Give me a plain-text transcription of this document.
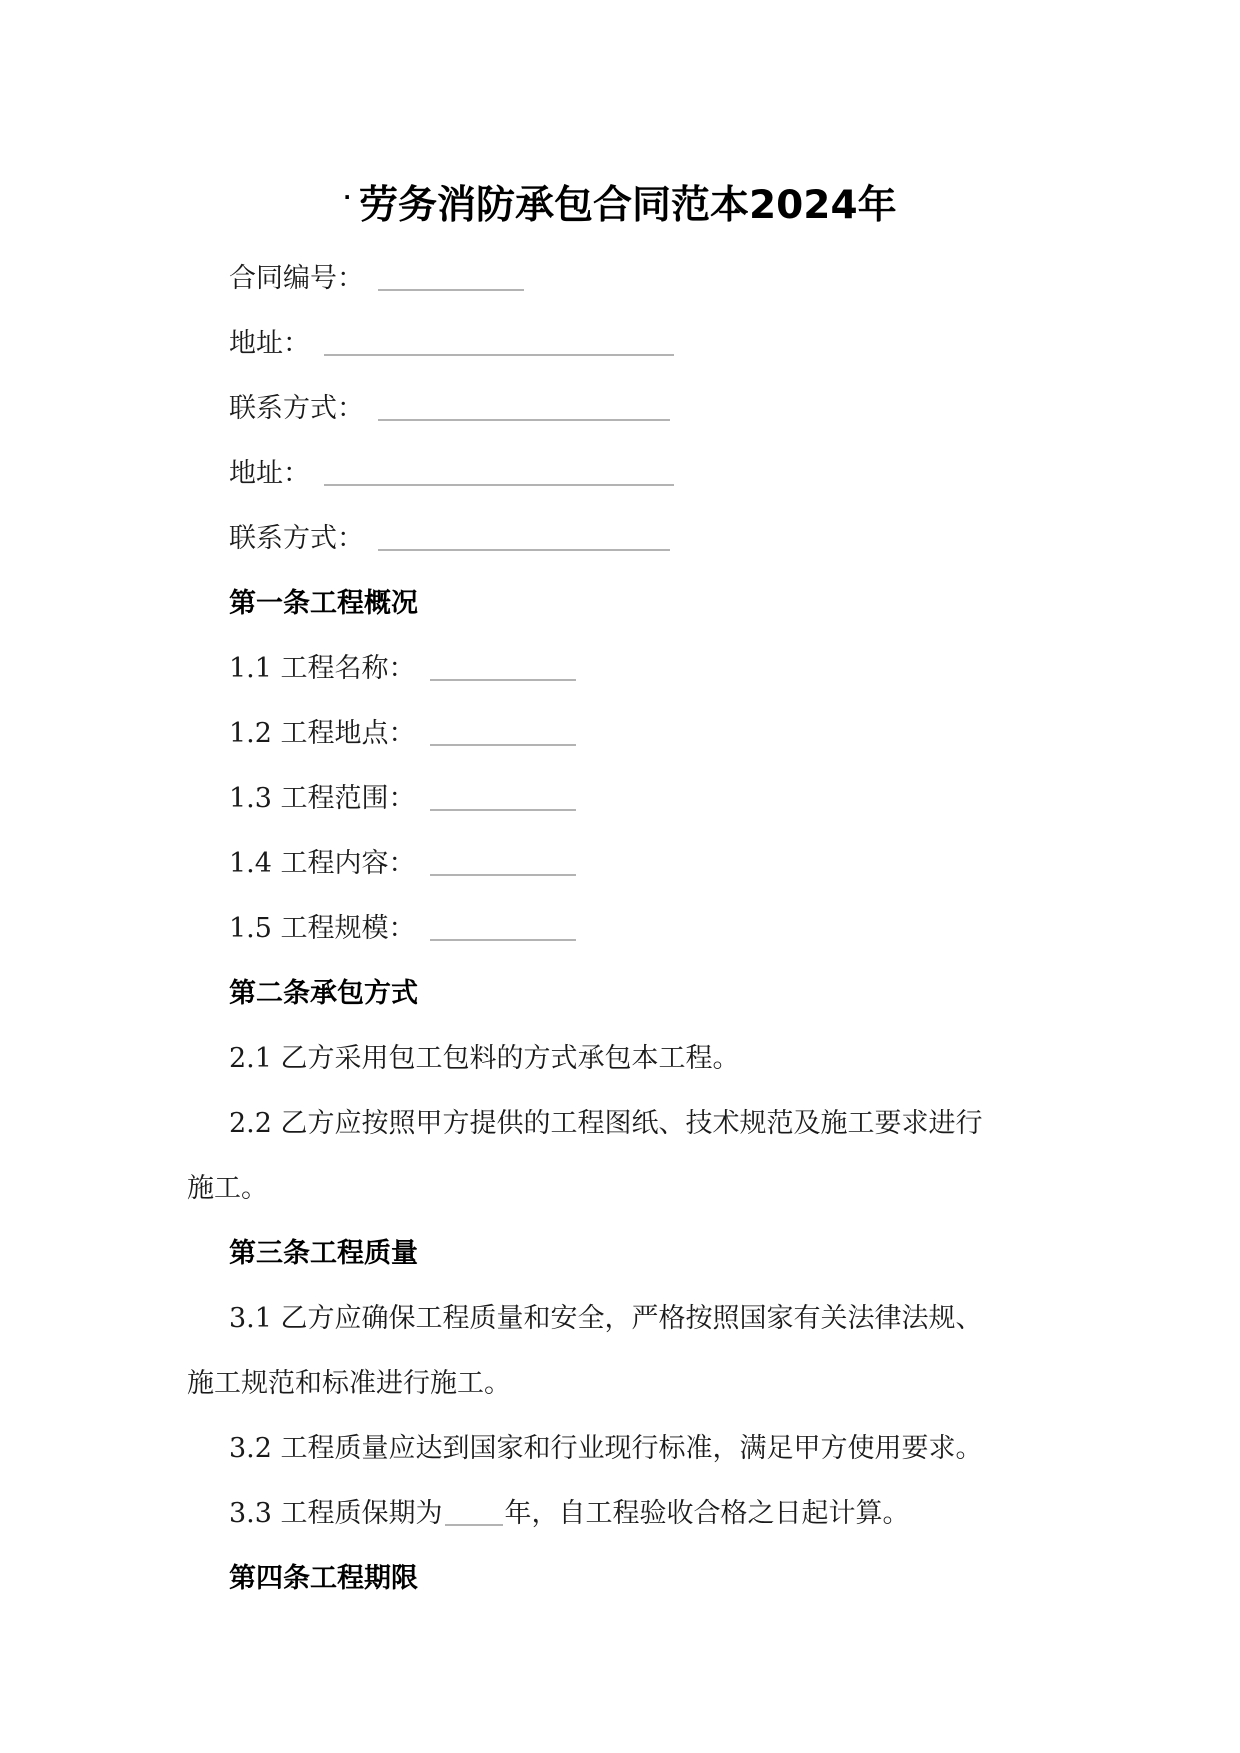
· 劳务消防承包合同范本2024年
合同编号：
地址：
联系方式：
地址：
联系方式：
第一条工程概况
1.1 工程名称：
1.2 工程地点：
1.3 工程范围：
1.4 工程内容：
1.5 工程规模：
第二条承包方式
2.1 乙方采用包工包料的方式承包本工程。
2.2 乙方应按照甲方提供的工程图纸、技术规范及施工要求进行
施工。
第三条工程质量
3.1 乙方应确保工程质量和安全，严格按照国家有关法律法规、
施工规范和标准进行施工。
3.2 工程质量应达到国家和行业现行标准，满足甲方使用要求。
3.3 工程质保期为 年，自工程验收合格之日起计算。
第四条工程期限
